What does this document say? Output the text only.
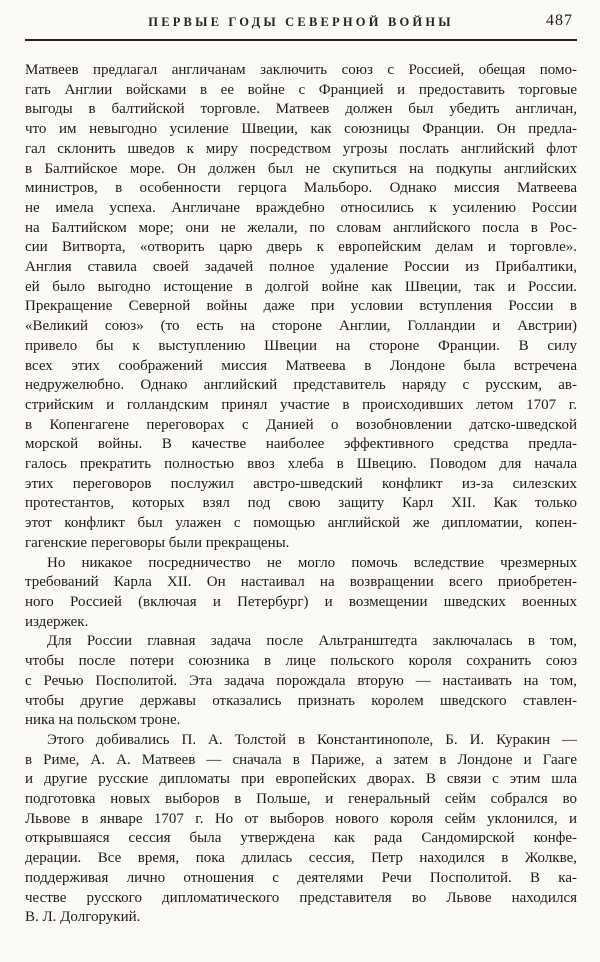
ПЕРВЫЕ ГОДЫ СЕВЕРНОЙ ВОЙНЫ	487
Матвеев предлагал англичанам заключить союз с Россией, обещая помо-
гать Англии войсками в ее войне с Францией и предоставить торговые
выгоды в балтийской торговле. Матвеев должен был убедить англичан,
что им невыгодно усиление Швеции, как союзницы Франции. Он предла-
гал склонить шведов к миру посредством угрозы послать английский флот
в Балтийское море. Он должен был не скупиться на подкупы английских
министров, в особенности герцога Мальборо. Однако миссия Матвеева
не имела успеха. Англичане враждебно относились к усилению России
на Балтийском море; они не желали, по словам английского посла в Рос-
сии Витворта, «отворить царю дверь к европейским делам и торговле».
Англия ставила своей задачей полное удаление России из Прибалтики,
ей было выгодно истощение в долгой войне как Швеции, так и России.
Прекращение Северной войны даже при условии вступления России в
«Великий союз» (то есть на стороне Англии, Голландии и Австрии)
привело бы к выступлению Швеции на стороне Франции. В силу
всех этих соображений миссия Матвеева в Лондоне была встречена
недружелюбно. Однако английский представитель наряду с русским, ав-
стрийским и голландским принял участие в происходивших летом 1707 г.
в Копенгагене переговорах с Данией о возобновлении датско-шведской
морской войны. В качестве наиболее эффективного средства предла-
галось прекратить полностью ввоз хлеба в Швецию. Поводом для начала
этих переговоров послужил австро-шведский конфликт из-за силезских
протестантов, которых взял под свою защиту Карл XII. Как только
этот конфликт был улажен с помощью английской же дипломатии, копен-
гагенские переговоры были прекращены.
Но никакое посредничество не могло помочь вследствие чрезмерных
требований Карла XII. Он настаивал на возвращении всего приобретен-
ного Россией (включая и Петербург) и возмещении шведских военных
издержек.
Для России главная задача после Альтранштедта заключалась в том,
чтобы после потери союзника в лице польского короля сохранить союз
с Речью Посполитой. Эта задача порождала вторую — настаивать на том,
чтобы другие державы отказались признать королем шведского ставлен-
ника на польском троне.
Этого добивались П. А. Толстой в Константинополе, Б. И. Куракин —
в Риме, А. А. Матвеев — сначала в Париже, а затем в Лондоне и Гааге
и другие русские дипломаты при европейских дворах. В связи с этим шла
подготовка новых выборов в Польше, и генеральный сейм собрался во
Львове в январе 1707 г. Но от выборов нового короля сейм уклонился, и
открывшаяся сессия была утверждена как рада Сандомирской конфе-
дерации. Все время, пока длилась сессия, Петр находился в Жолкве,
поддерживая лично отношения с деятелями Речи Посполитой. В ка-
честве русского дипломатического представителя во Львове находился
В. Л. Долгорукий.
